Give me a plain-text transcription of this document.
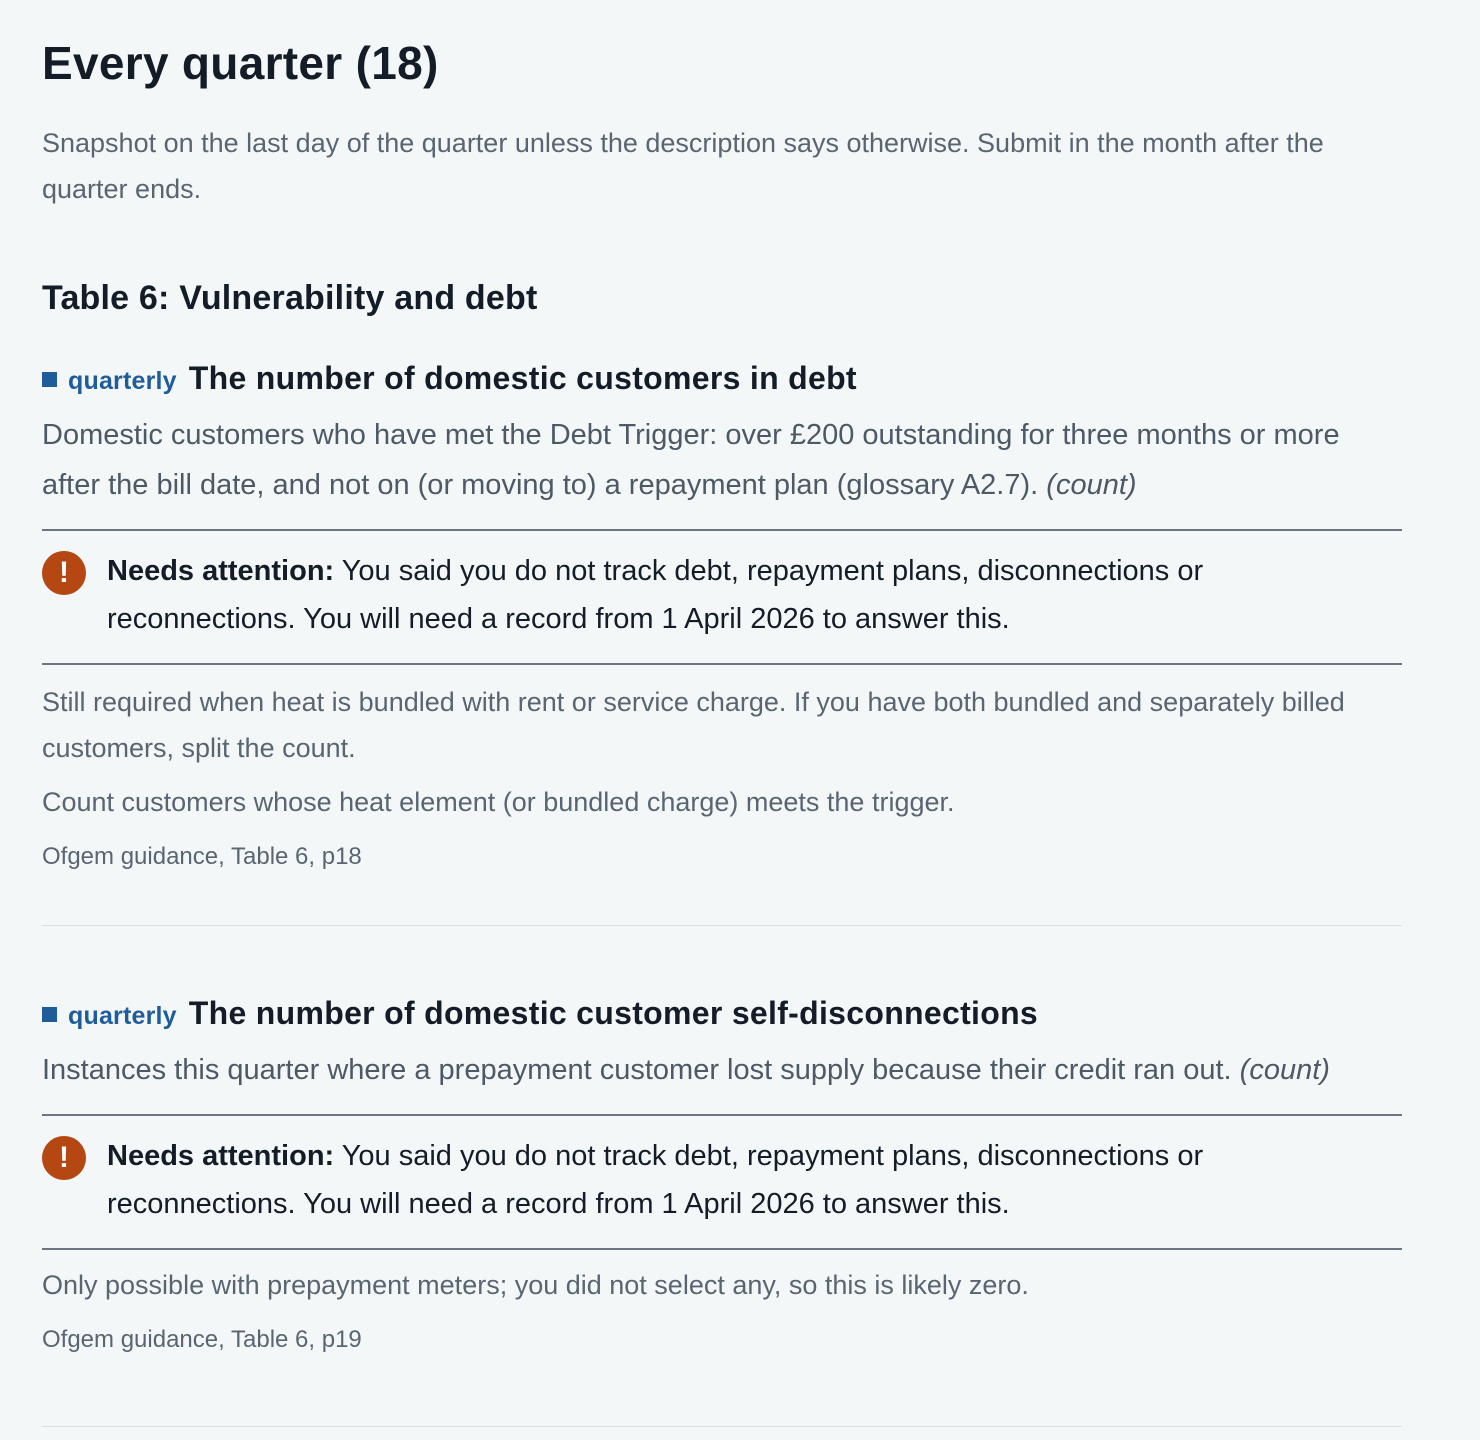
Every quarter (18)

Snapshot on the last day of the quarter unless the description says otherwise. Submit in the month after the quarter ends.

Table 6: Vulnerability and debt
quarterly The number of domestic customers in debt

Domestic customers who have met the Debt Trigger: over £200 outstanding for three months or more after the bill date, and not on (or moving to) a repayment plan (glossary A2.7). (count)

!	Needs attention: You said you do not track debt, repayment plans, disconnections or reconnections. You will need a record from 1 April 2026 to answer this.

Still required when heat is bundled with rent or service charge. If you have both bundled and separately billed customers, split the count.

Count customers whose heat element (or bundled charge) meets the trigger.

Ofgem guidance, Table 6, p18

quarterly The number of domestic customer self-disconnections

Instances this quarter where a prepayment customer lost supply because their credit ran out. (count)

!	Needs attention: You said you do not track debt, repayment plans, disconnections or reconnections. You will need a record from 1 April 2026 to answer this.

Only possible with prepayment meters; you did not select any, so this is likely zero.

Ofgem guidance, Table 6, p19
